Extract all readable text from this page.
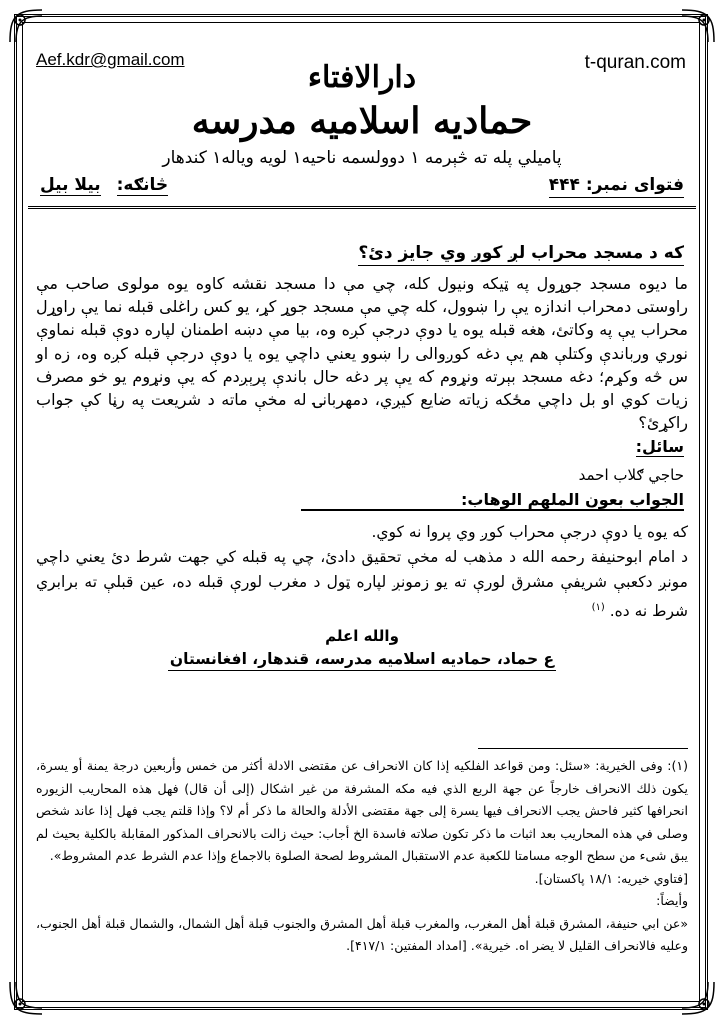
Aef.kdr@gmail.com	t-quran.com
دارالافتاء
حمادیه اسلامیه مدرسه
پامیلي پله ته څېرمه ۱ دوولسمه ناحیه۱ لویه ویاله۱ کندهار
فتوای نمبر: ۴۴۴
څانګه: بیلا بیل
که د مسجد محراب لږ کوږ وي جایز دئ؟
ما دیوه مسجد جوړول په ټیکه ونیول کله، چي مې دا مسجد نقشه کاوه یوه مولوی صاحب مې راوستی دمحراب اندازه یې را ښوول، کله چي مې مسجد جوړ کړ، یو کس راغلی قبله نما یې راوړل محراب یې په وکاتئ، هغه قبله یوه یا دوې درجې کږه وه، بیا مې دښه اطمنان لپاره دوې قبله نماوې نوري ورباندې وکتلې هم یې دغه کوږوالی را ښوو یعني داچي یوه یا دوې درجې قبله کږه وه، زه او س څه وکړم؛ دغه مسجد بېرته ونړوم که یې پر دغه حال باندې پرېږدم که یې ونړوم یو خو مصرف زیات کوي او بل داچي مځکه زیاته ضایع کیږي، دمهربانۍ له مخې ماته د شریعت په رڼا کې جواب راکړئ؟
سائل:
حاجي ګلاب احمد
الجواب بعون الملهم الوهاب:
که یوه یا دوې درجې محراب کوږ وي پروا نه کوي.
د امام ابوحنیفة رحمه الله د مذهب له مخې تحقیق دادئ، چي په قبله کي جهت شرط دئ یعني داچي مونږ دکعبې شریفې مشرق لورې ته یو زمونږ لپاره ټول د مغرب لورې قبله ده، عین قبلې ته برابري شرط نه ده. $^{(۱)}$
والله اعلم
ع حماد، حمادیه اسلامیه مدرسه، قندهار، افغانستان

(۱): وفی الخیریة: «سئل: ومن قواعد الفلکیه إذا کان الانحراف عن مقتضی الادلة أکثر من خمس وأربعین درجة یمنة أو یسرة، یکون ذلك الانحراف خارجاً عن جهة الربع الذي فیه مکه المشرفة من غیر اشکال (إلی أن قال) فهل هذه المحاریب الزیوره انحرافها کثیر فاحش یجب الانحراف فیها یسرة إلی جهة مقتضی الأدلة والحالة ما ذکر أم لا؟ وإذا قلتم یجب فهل إذا عاند شخص وصلی في هذه المحاریب بعد اثبات ما ذکر تکون صلاته فاسدة الخ أجاب: حیث زالت بالانحراف المذکور المقابلة بالکلیة بحیث لم یبق شیء من سطح الوجه مسامتا للکعبة عدم الاستقبال المشروط لصحة الصلوة بالاجماع وإذا عدم الشرط عدم المشروط».

[فتاوي خیریه: ۱۸/۱ پاکستان].

وأیضاً:

«عن ابي حنیفة، المشرق قبلة أهل المغرب، والمغرب قبلة أهل المشرق والجنوب قبلة أهل الشمال، والشمال قبلة أهل الجنوب، وعلیه فالانحراف القلیل لا یضر اه. خیریة». [امداد المفتین: ۴۱۷/۱].
